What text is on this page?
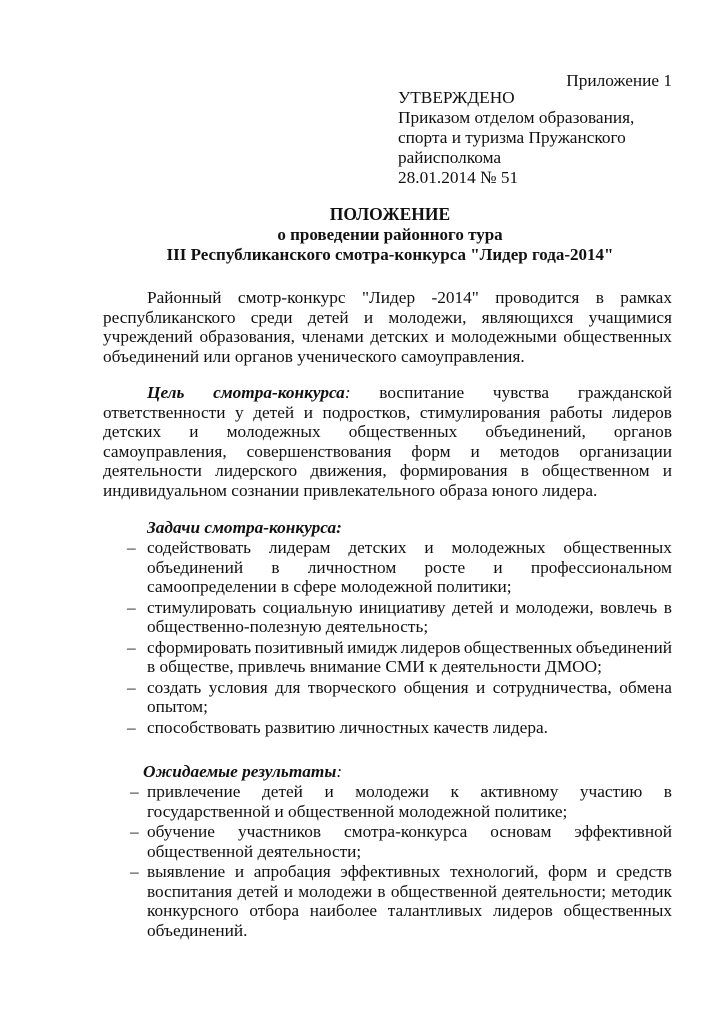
Приложение 1
УТВЕРЖДЕНО
Приказом отделом образования,
спорта и туризма Пружанского
райисполкома
28.01.2014 № 51
ПОЛОЖЕНИЕ
о проведении районного тура
III Республиканского смотра-конкурса "Лидер года-2014"
Районный смотр-конкурс "Лидер -2014" проводится в рамках
республиканского среди детей и молодежи, являющихся учащимися
учреждений образования, членами детских и молодежными общественных
объединений или органов ученического самоуправления.
Цель смотра-конкурса: воспитание чувства гражданской
ответственности у детей и подростков, стимулирования работы лидеров
детских и молодежных общественных объединений, органов
самоуправления, совершенствования форм и методов организации
деятельности лидерского движения, формирования в общественном и
индивидуальном сознании привлекательного образа юного лидера.
Задачи смотра-конкурса:
– содействовать лидерам детских и молодежных общественных
объединений в личностном росте и профессиональном
самоопределении в сфере молодежной политики;
– стимулировать социальную инициативу детей и молодежи, вовлечь в
общественно-полезную деятельность;
– сформировать позитивный имидж лидеров общественных объединений
в обществе, привлечь внимание СМИ к деятельности ДМОО;
– создать условия для творческого общения и сотрудничества, обмена
опытом;
– способствовать развитию личностных качеств лидера.
Ожидаемые результаты:
– привлечение детей и молодежи к активному участию в
государственной и общественной молодежной политике;
– обучение участников смотра-конкурса основам эффективной
общественной деятельности;
– выявление и апробация эффективных технологий, форм и средств
воспитания детей и молодежи в общественной деятельности; методик
конкурсного отбора наиболее талантливых лидеров общественных
объединений.
